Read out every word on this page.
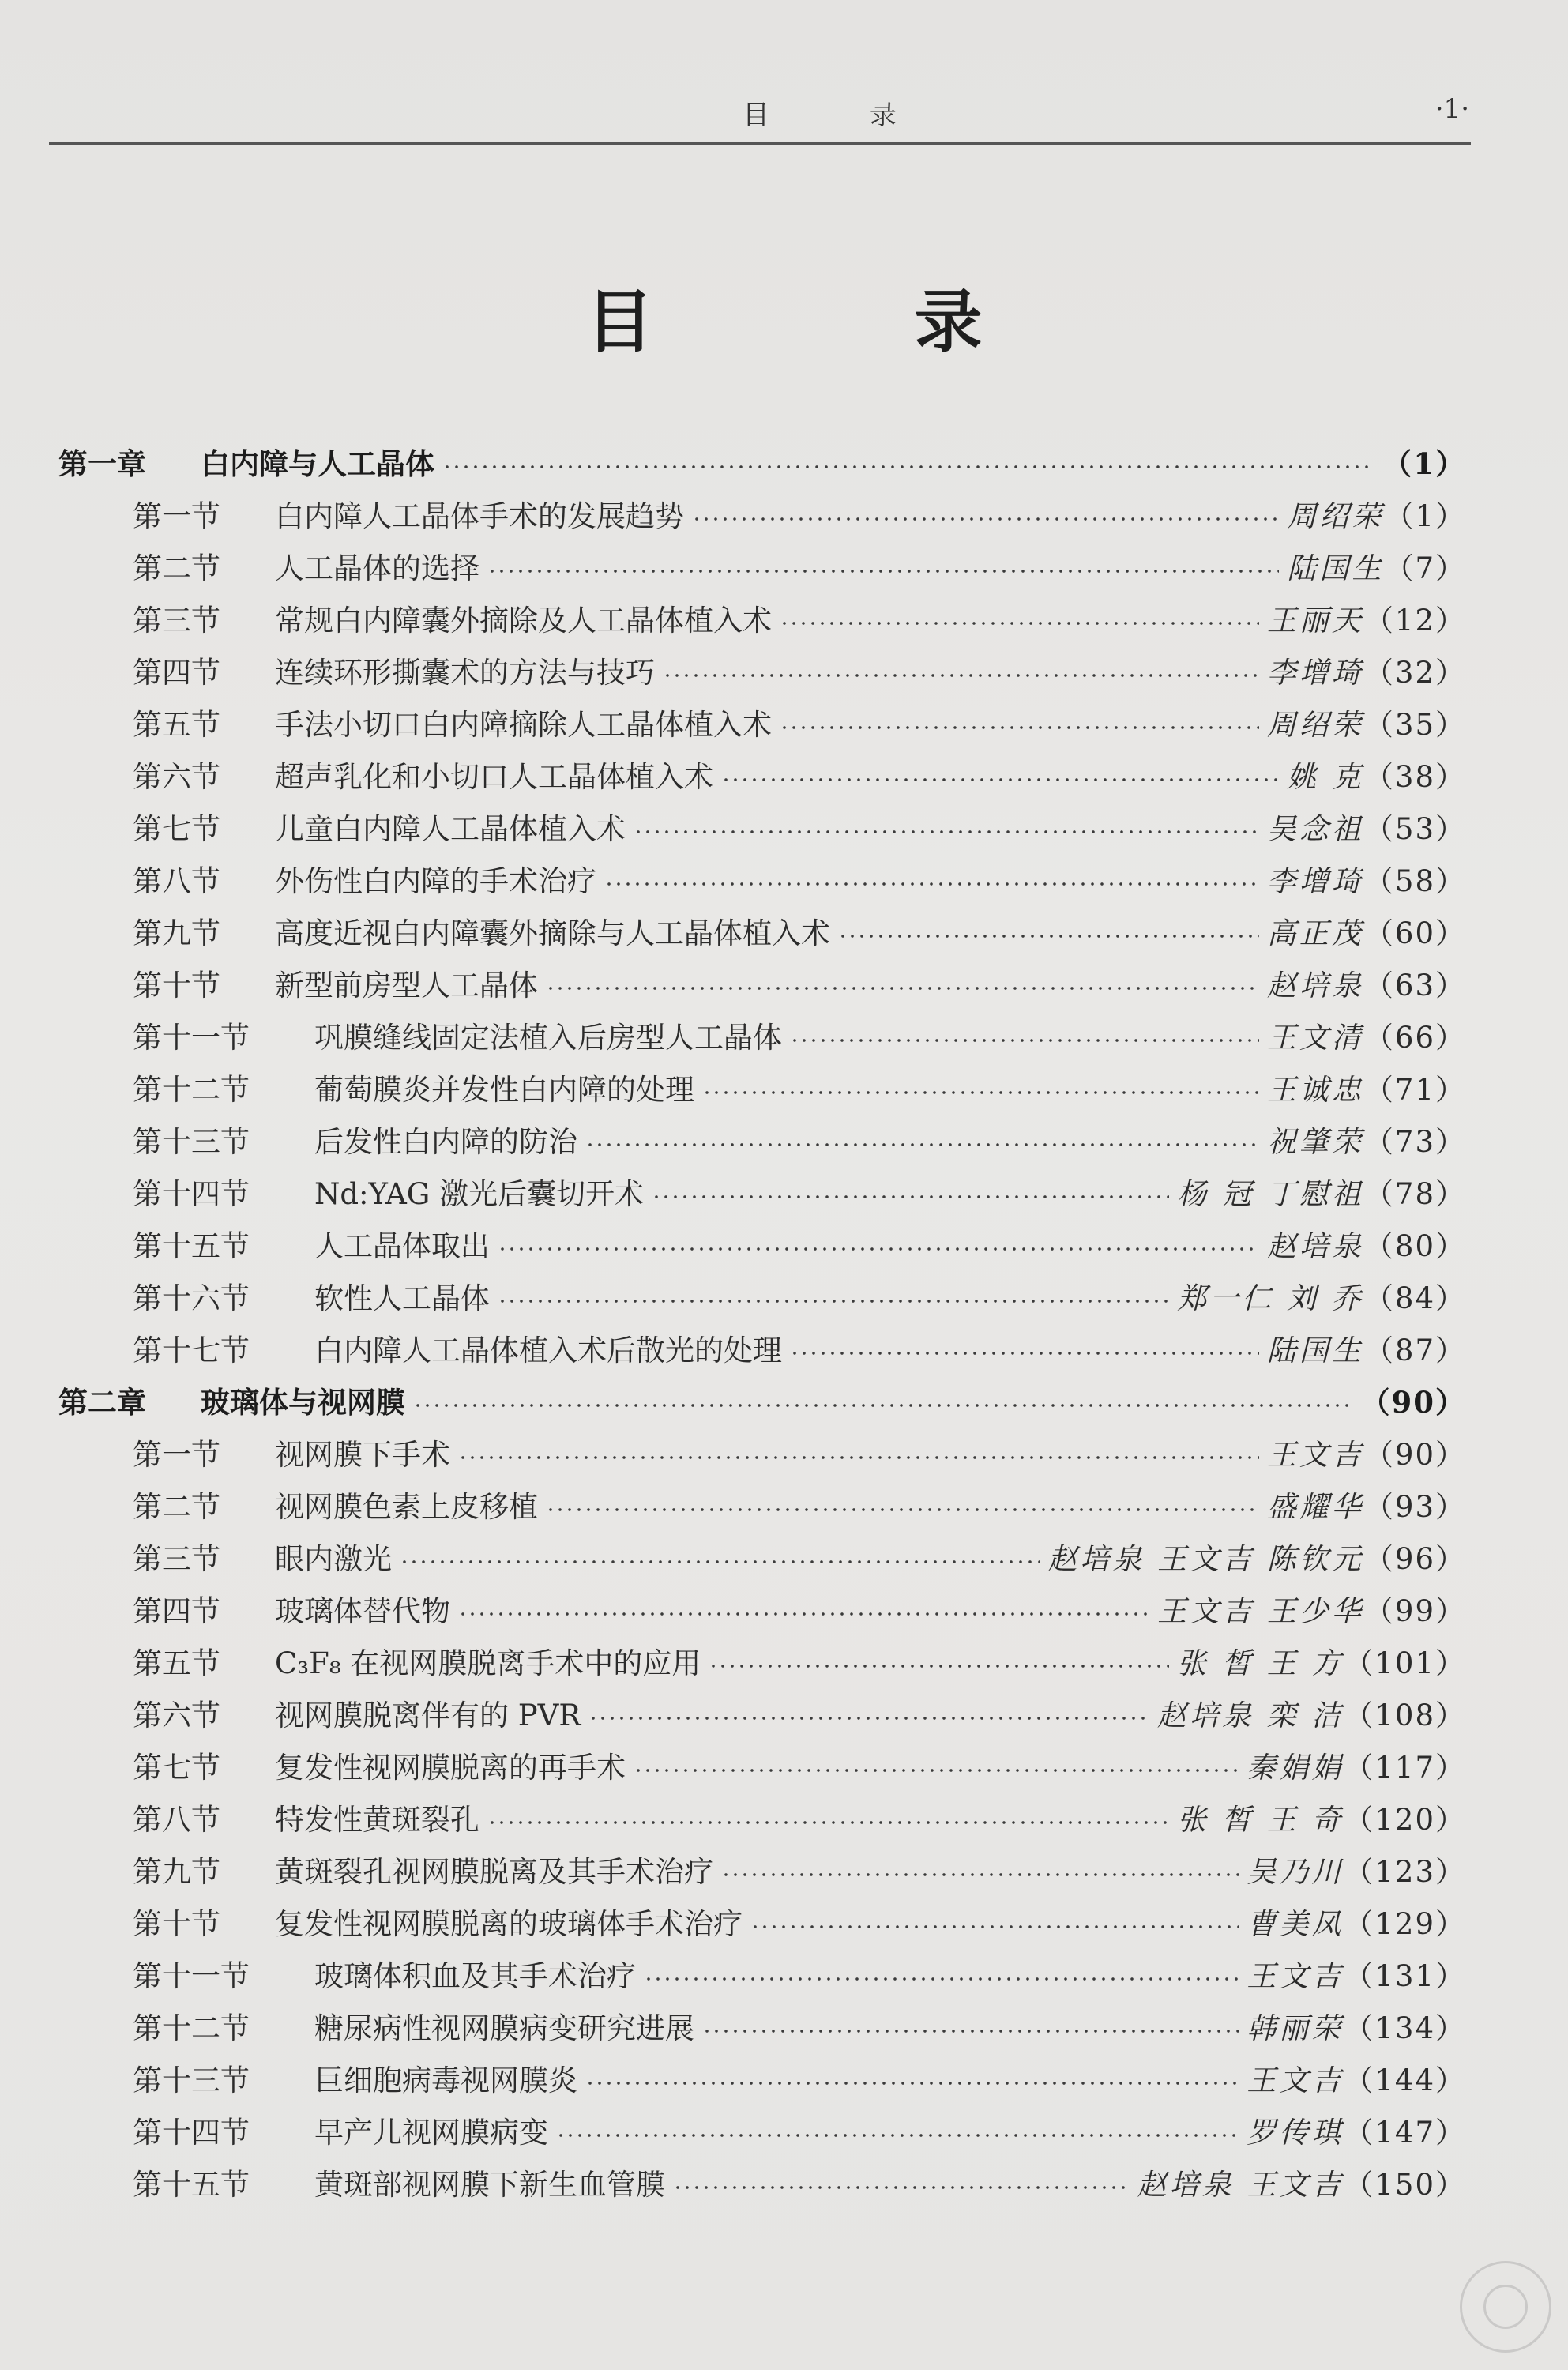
目 录	·1·
目 录
第一章	白内障与人工晶体	（1）
第一节	白内障人工晶体手术的发展趋势	周绍荣 （1）
第二节	人工晶体的选择	陆国生 （7）
第三节	常规白内障囊外摘除及人工晶体植入术	王丽天 （12）
第四节	连续环形撕囊术的方法与技巧	李增琦 （32）
第五节	手法小切口白内障摘除人工晶体植入术	周绍荣 （35）
第六节	超声乳化和小切口人工晶体植入术	姚 克 （38）
第七节	儿童白内障人工晶体植入术	吴念祖 （53）
第八节	外伤性白内障的手术治疗	李增琦 （58）
第九节	高度近视白内障囊外摘除与人工晶体植入术	高正茂 （60）
第十节	新型前房型人工晶体	赵培泉 （63）
第十一节	巩膜缝线固定法植入后房型人工晶体	王文清 （66）
第十二节	葡萄膜炎并发性白内障的处理	王诚忠 （71）
第十三节	后发性白内障的防治	祝肇荣 （73）
第十四节	Nd:YAG 激光后囊切开术	杨 冠 丁慰祖 （78）
第十五节	人工晶体取出	赵培泉 （80）
第十六节	软性人工晶体	郑一仁 刘 乔 （84）
第十七节	白内障人工晶体植入术后散光的处理	陆国生 （87）
第二章	玻璃体与视网膜	（90）
第一节	视网膜下手术	王文吉 （90）
第二节	视网膜色素上皮移植	盛耀华 （93）
第三节	眼内激光	赵培泉 王文吉 陈钦元 （96）
第四节	玻璃体替代物	王文吉 王少华 （99）
第五节	C₃F₈ 在视网膜脱离手术中的应用	张 皙 王 方 （101）
第六节	视网膜脱离伴有的 PVR	赵培泉 栾 洁 （108）
第七节	复发性视网膜脱离的再手术	秦娟娟 （117）
第八节	特发性黄斑裂孔	张 皙 王 奇 （120）
第九节	黄斑裂孔视网膜脱离及其手术治疗	吴乃川 （123）
第十节	复发性视网膜脱离的玻璃体手术治疗	曹美凤 （129）
第十一节	玻璃体积血及其手术治疗	王文吉 （131）
第十二节	糖尿病性视网膜病变研究进展	韩丽荣 （134）
第十三节	巨细胞病毒视网膜炎	王文吉 （144）
第十四节	早产儿视网膜病变	罗传琪 （147）
第十五节	黄斑部视网膜下新生血管膜	赵培泉 王文吉 （150）
